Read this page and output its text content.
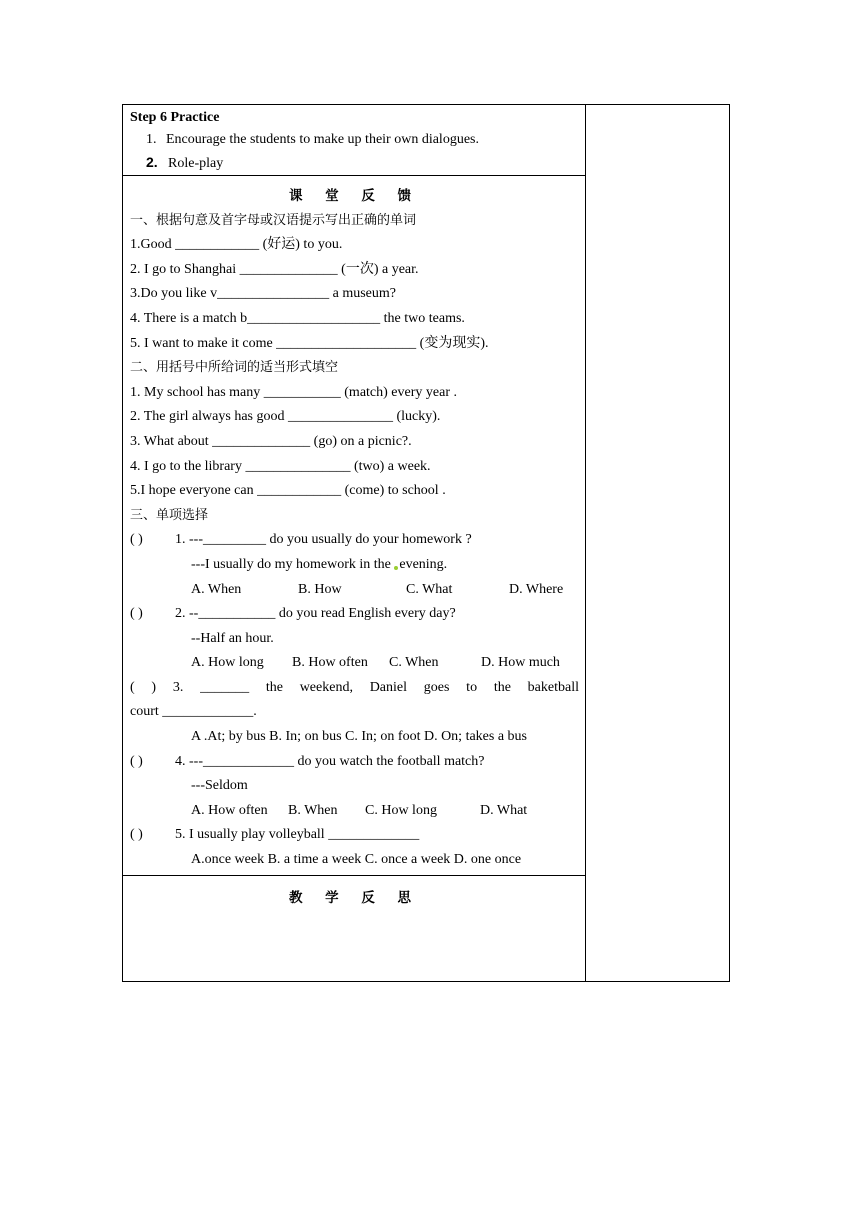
Step 6 Practice
1. Encourage the students to make up their own dialogues.
2. Role-play

课 堂 反 馈
一、根据句意及首字母或汉语提示写出正确的单词
1.Good ____________ (好运) to you.
2. I go to Shanghai ______________ (一次) a year.
3.Do you like v________________ a museum?
4. There is a match b___________________ the two teams.
5. I want to make it come ____________________ (变为现实).
二、用括号中所给词的适当形式填空
1. My school has many ___________ (match) every year .
2. The girl always has good _______________ (lucky).
3. What about ______________ (go) on a picnic?.
4. I go to the library _______________ (two) a week.
5.I hope everyone can ____________ (come) to school .
三、单项选择
( ) 1. ---_________ do you usually do your homework ?
---I usually do my homework in the evening.
A. When	B. How	C. What	D. Where
( ) 2. --___________ do you read English every day?
--Half an hour.
A. How long B. How often C. When	D. How much
( ) 3. _______ the weekend, Daniel goes to the baketball
court _____________.
A .At; by bus B. In; on bus C. In; on foot D. On; takes a bus
( ) 4. ---_____________ do you watch the football match?
---Seldom
A. How often B. When C. How long	D. What
( ) 5. I usually play volleyball _____________
A.once week B. a time a week C. once a week D. one once

教 学 反 思
